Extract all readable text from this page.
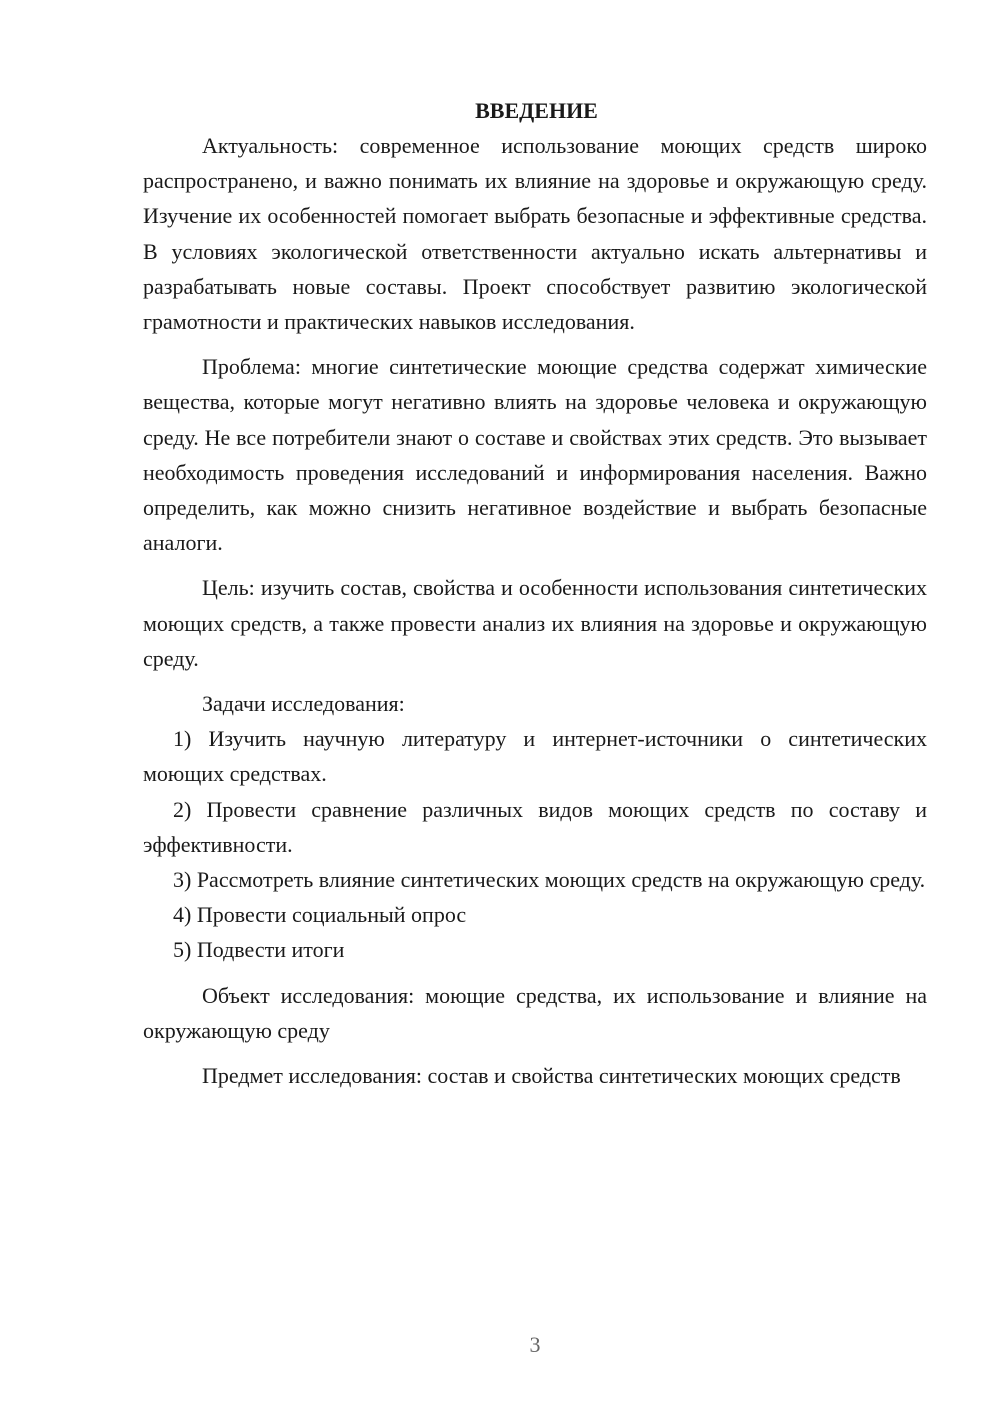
ВВЕДЕНИЕ

Актуальность: современное использование моющих средств широко распространено, и важно понимать их влияние на здоровье и окружающую среду. Изучение их особенностей помогает выбрать безопасные и эффективные средства. В условиях экологической ответственности актуально искать альтернативы и разрабатывать новые составы. Проект способствует развитию экологической грамотности и практических навыков исследования.

Проблема: многие синтетические моющие средства содержат химические вещества, которые могут негативно влиять на здоровье человека и окружающую среду. Не все потребители знают о составе и свойствах этих средств. Это вызывает необходимость проведения исследований и информирования населения. Важно определить, как можно снизить негативное воздействие и выбрать безопасные аналоги.

Цель: изучить состав, свойства и особенности использования синтетических моющих средств, а также провести анализ их влияния на здоровье и окружающую среду.

Задачи исследования:

1) Изучить научную литературу и интернет-источники о синтетических моющих средствах.

2) Провести сравнение различных видов моющих средств по составу и эффективности.

3) Рассмотреть влияние синтетических моющих средств на окружающую среду.

4) Провести социальный опрос

5) Подвести итоги

Объект исследования: моющие средства, их использование и влияние на окружающую среду

Предмет исследования: состав и свойства синтетических моющих средств

3
